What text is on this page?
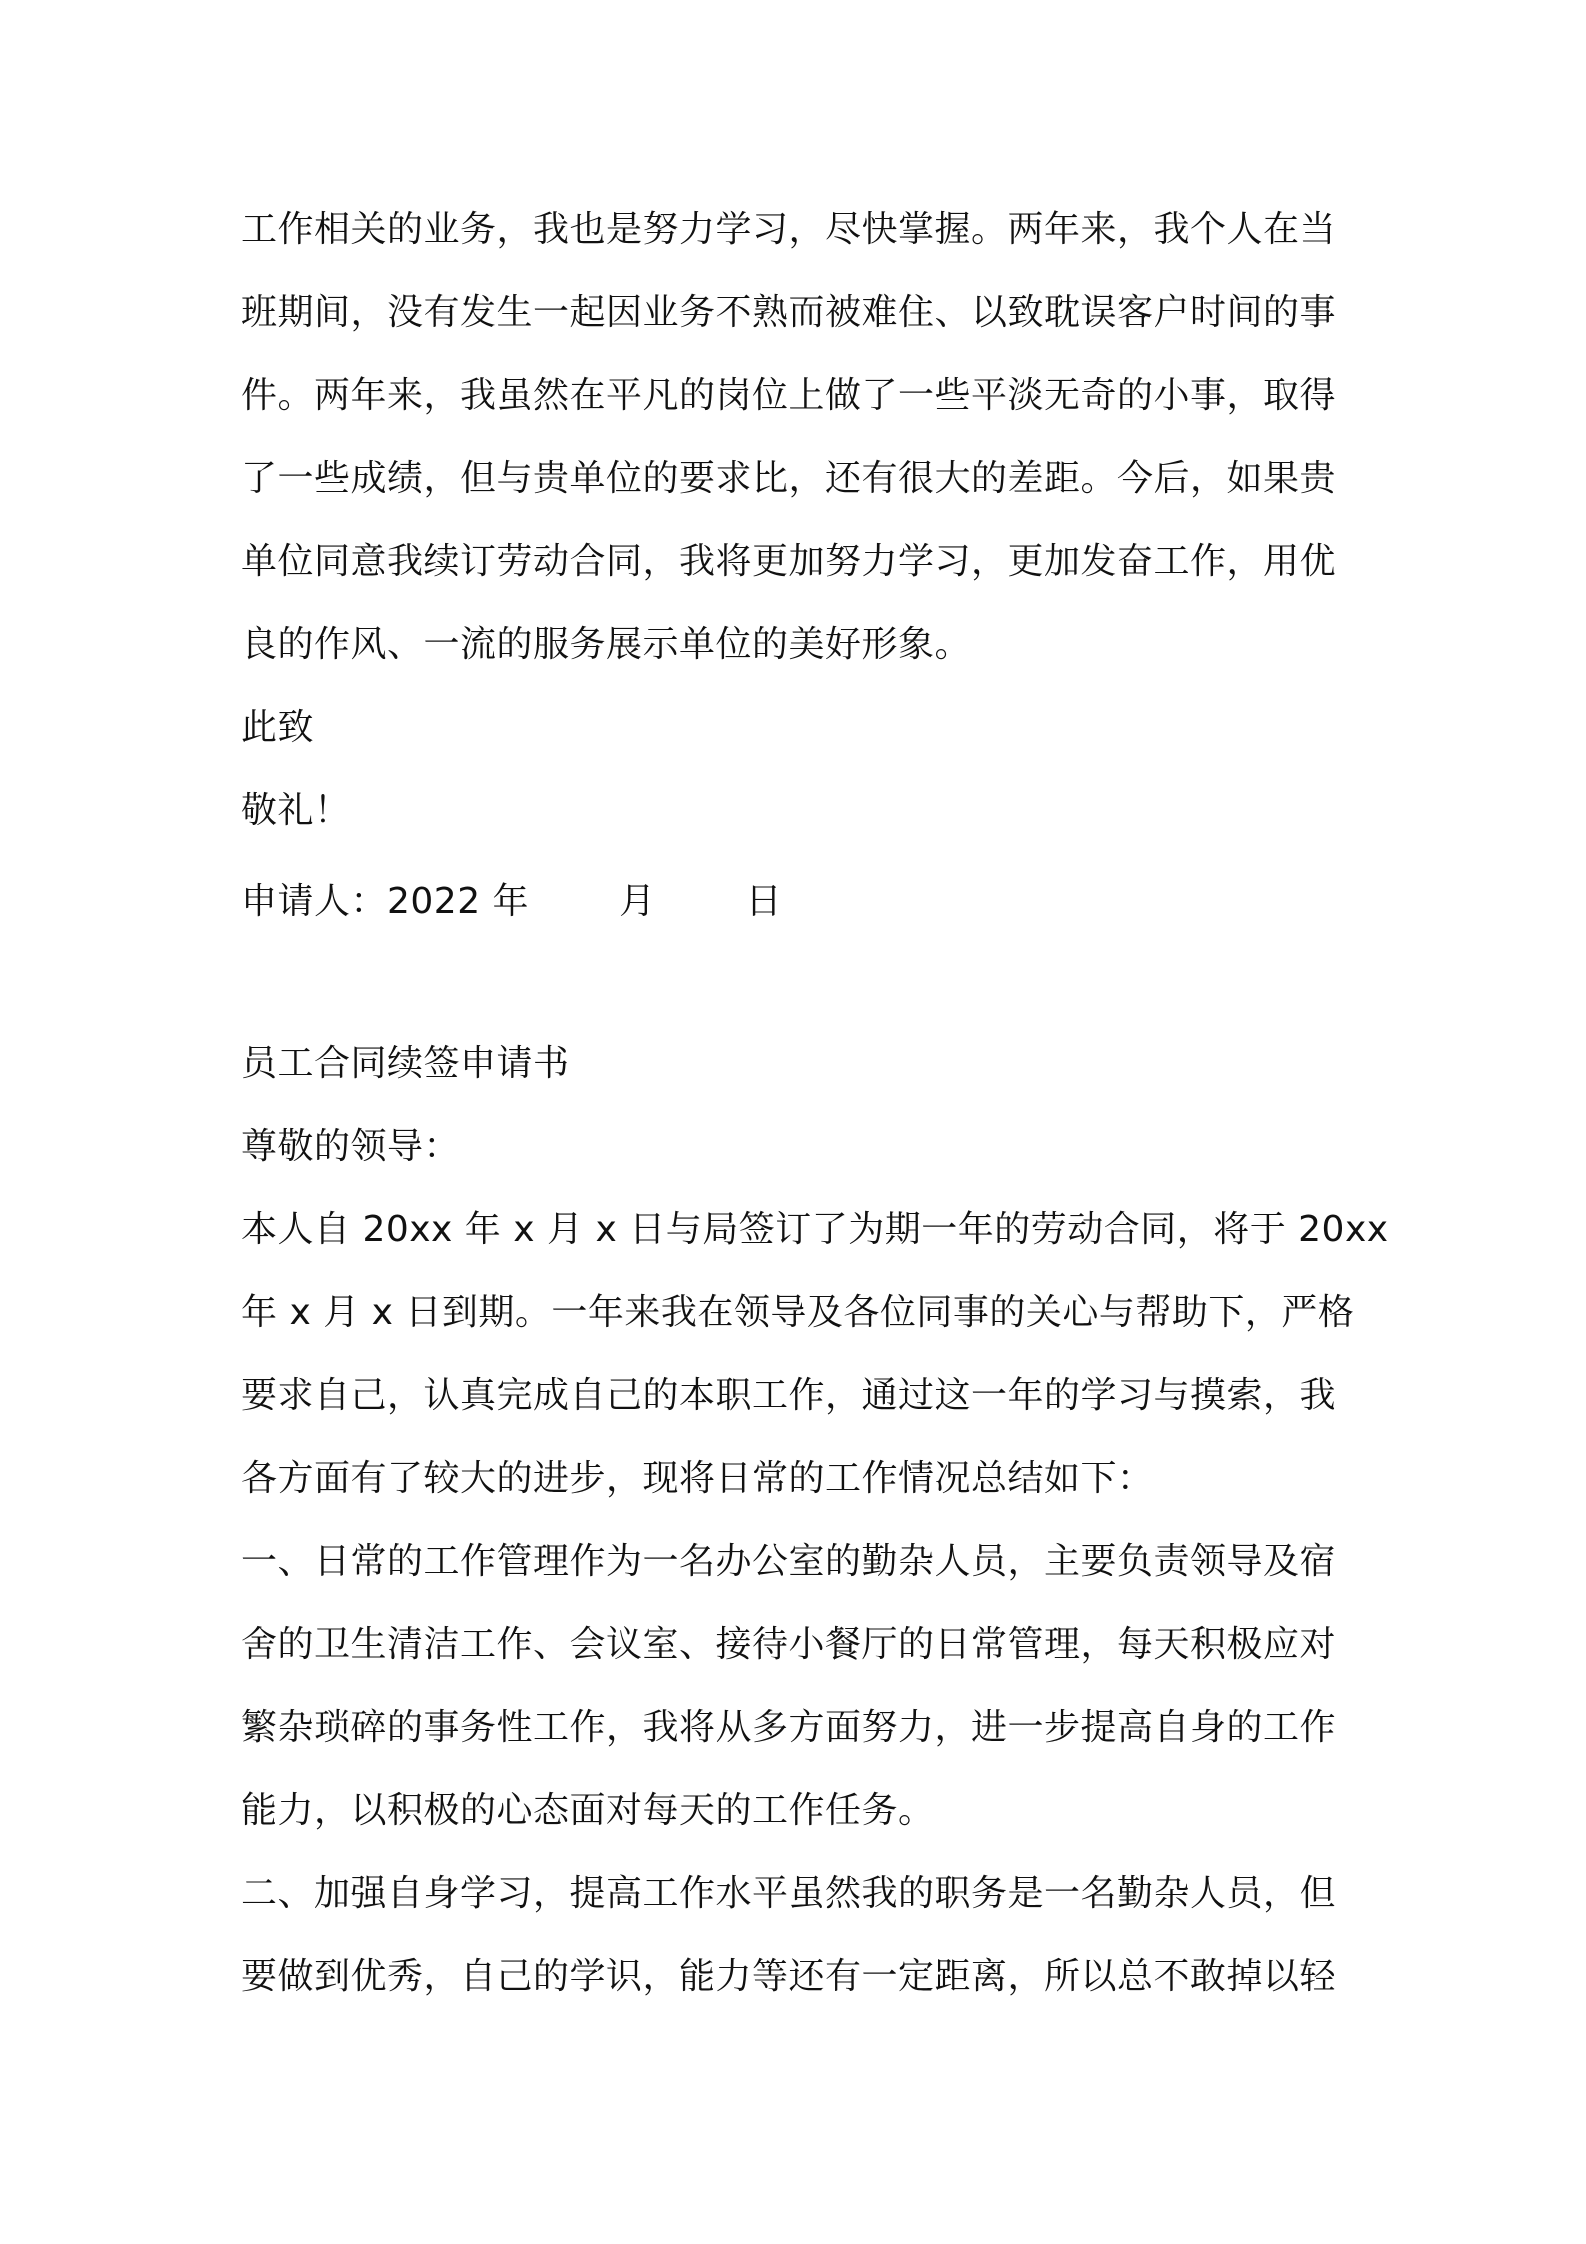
工作相关的业务，我也是努力学习，尽快掌握。两年来，我个人在当
班期间，没有发生一起因业务不熟而被难住、以致耽误客户时间的事
件。两年来，我虽然在平凡的岗位上做了一些平淡无奇的小事，取得
了一些成绩，但与贵单位的要求比，还有很大的差距。今后，如果贵
单位同意我续订劳动合同，我将更加努力学习，更加发奋工作，用优
良的作风、一流的服务展示单位的美好形象。
此致
敬礼！
申请人：2022 年	月	日
员工合同续签申请书
尊敬的领导：
本人自 20xx 年 x 月 x 日与局签订了为期一年的劳动合同，将于 20xx
年 x 月 x 日到期。一年来我在领导及各位同事的关心与帮助下，严格
要求自己，认真完成自己的本职工作，通过这一年的学习与摸索，我
各方面有了较大的进步，现将日常的工作情况总结如下：
一、日常的工作管理作为一名办公室的勤杂人员，主要负责领导及宿
舍的卫生清洁工作、会议室、接待小餐厅的日常管理，每天积极应对
繁杂琐碎的事务性工作，我将从多方面努力，进一步提高自身的工作
能力，以积极的心态面对每天的工作任务。
二、加强自身学习，提高工作水平虽然我的职务是一名勤杂人员，但
要做到优秀，自己的学识，能力等还有一定距离，所以总不敢掉以轻
